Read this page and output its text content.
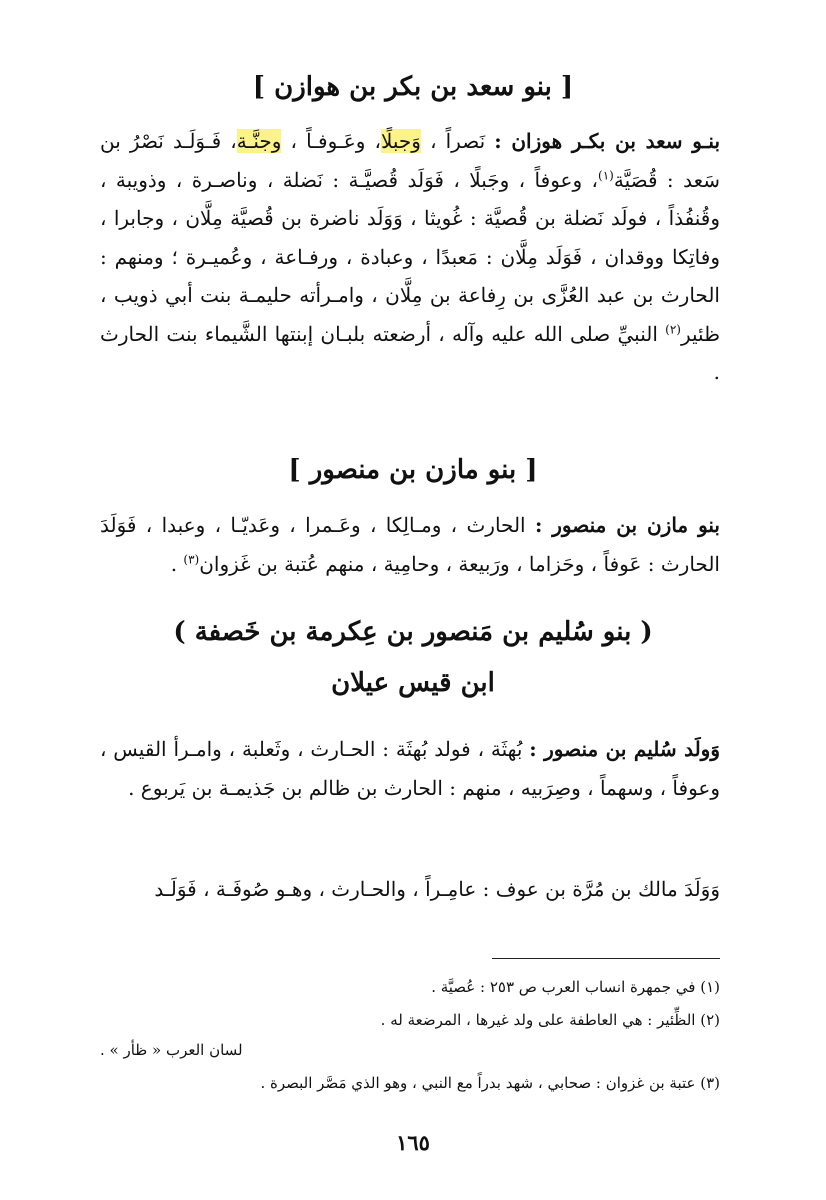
[ بنو سعد بن بكر بن هوازن ]
بنـو سعد بن بكـر هوزان : نَصراً ، وَجبلًا، وعَـوفـاً ، وجنَّـة، فَـوَلَـد نَصْرُ بن سَعد : قُصَيَّة$^{(١)}$، وعوفاً ، وجَبلًا ، فَوَلَد قُصيَّـة : نَضلة ، وناصـرة ، وذويبة ، وقُنفُذاً ، فولَد نَضلة بن قُصيَّة : غُويثا ، وَوَلَد ناضرة بن قُصيَّة مِلَّان ، وجابرا ، وفاتِكا ووقدان ، فَوَلَد مِلَّان : مَعبدًا ، وعبادة ، ورفـاعة ، وعُميـرة ؛ ومنهم : الحارث بن عبد العُزَّى بن رِفاعة بن مِلَّان ، وامـرأته حليمـة بنت أبي ذويب ، ظئير$^{(٢)}$ النبيِّ صلى الله عليه وآله ، أرضعته بلبـان إبنتها الشَّيماء بنت الحارث .
[ بنو مازن بن منصور ]
بنو مازن بن منصور : الحارث ، ومـالِكا ، وعَـمرا ، وعَديّـا ، وعبدا ، فَوَلَدَ الحارث : عَوفاً ، وحَزاما ، ورَبيعة ، وحامِية ، منهم عُتبة بن غَزوان$^{(٣)}$ .
( بنو سُليم بن مَنصور بن عِكرمة بن خَصفة )
ابن قيس عيلان
وَولَد سُليم بن منصور : بُهثَة ، فولد بُهثَة : الحـارث ، وثَعلبة ، وامـرأ القيس ، وعوفاً ، وسهماً ، وصِرَبيه ، منهم : الحارث بن ظالم بن جَذيمـة بن يَربوع .
وَوَلَدَ مالك بن مُرَّة بن عوف : عامِـراً ، والحـارث ، وهـو صُوفَـة ، فَوَلَـد
(١) في جمهرة انساب العرب ص ٢٥٣ : عُصيَّة .
(٢) الظِّئير : هي العاطفة على ولد غيرها ، المرضعة له .
لسان العرب « ظأر » .
(٣) عتبة بن غزوان : صحابي ، شهد بدراً مع النبي ، وهو الذي مَصَّر البصرة .
١٦٥
